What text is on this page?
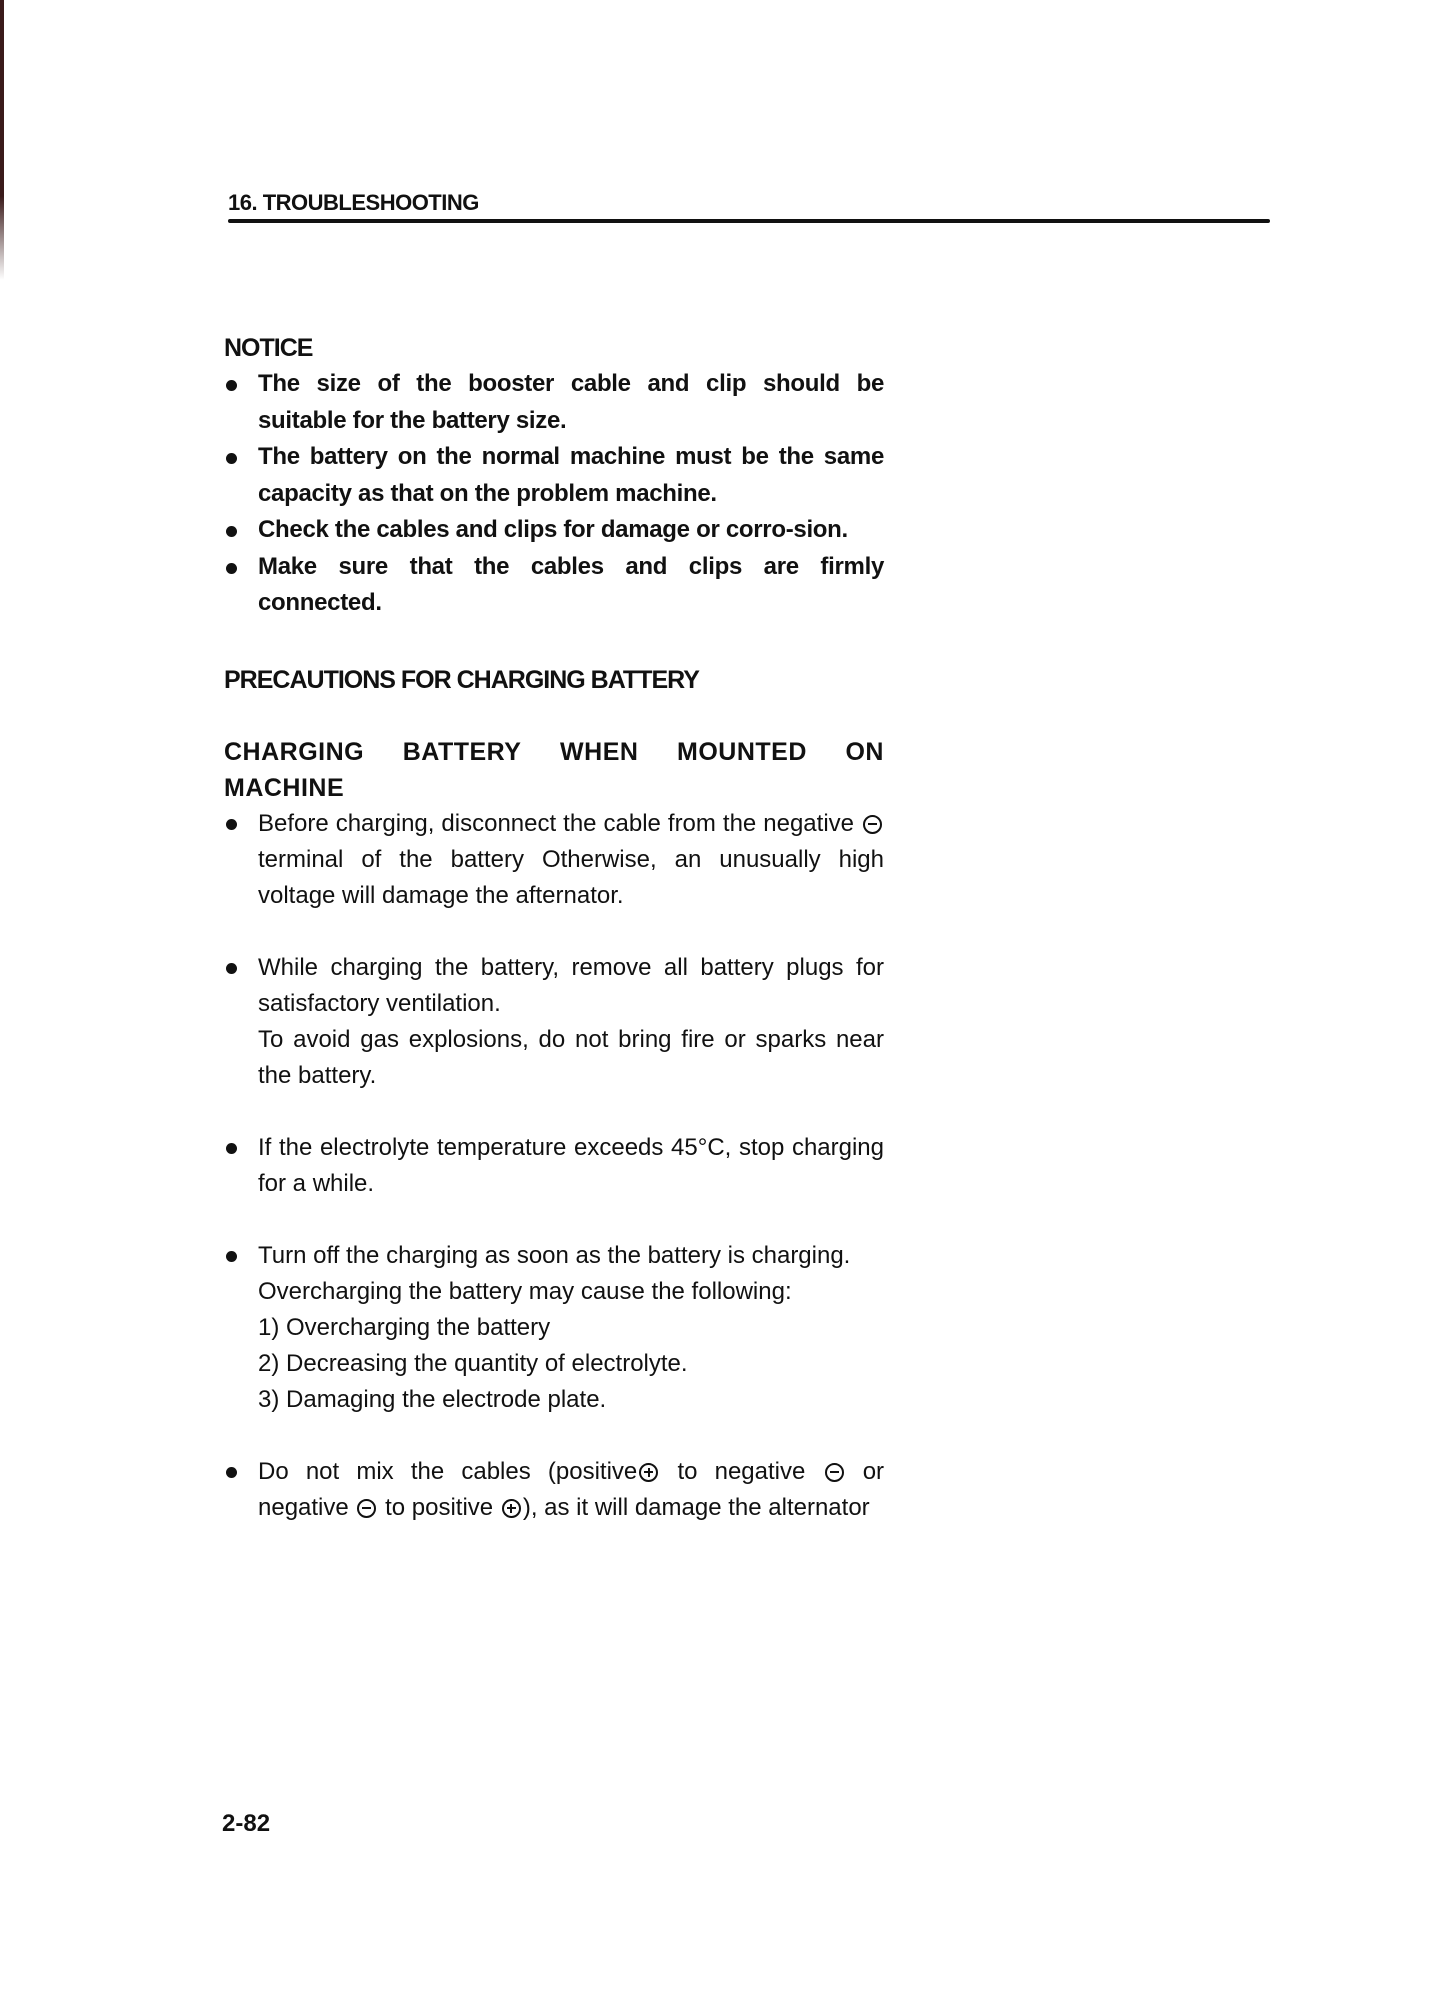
16. TROUBLESHOOTING
NOTICE
The size of the booster cable and clip should be suitable for the battery size.
The battery on the normal machine must be the same capacity as that on the problem machine.
Check the cables and clips for damage or corro-sion.
Make sure that the cables and clips are firmly connected.
PRECAUTIONS FOR CHARGING BATTERY
CHARGING BATTERY WHEN MOUNTED ON MACHINE
Before charging, disconnect the cable from the negative  terminal of the battery Otherwise, an unusually high voltage will damage the afternator.

While charging the battery, remove all battery plugs for satisfactory ventilation.

To avoid gas explosions, do not bring fire or sparks near the battery.

If the electrolyte temperature exceeds 45°C, stop charging for a while.

Turn off the charging as soon as the battery is charging.

Overcharging the battery may cause the following:

1) Overcharging the battery

2) Decreasing the quantity of electrolyte.

3) Damaging the electrode plate.

Do not mix the cables (positive to negative or negative to positive ), as it will damage the alternator
2-82
